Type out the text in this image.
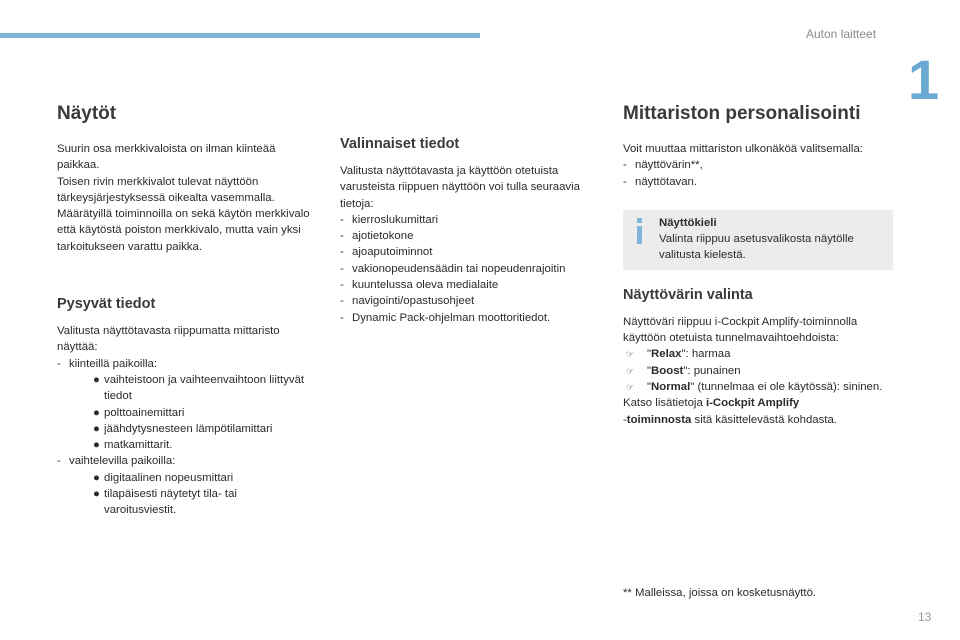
Auton laitteet
1
13
Näytöt

Suurin osa merkkivaloista on ilman kiinteää paikkaa.
Toisen rivin merkkivalot tulevat näyttöön tärkeysjärjestyksessä oikealta vasemmalla.
Määrätyillä toiminnoilla on sekä käytön merkkivalo että käytöstä poiston merkkivalo, mutta vain yksi tarkoitukseen varattu paikka.

Pysyvät tiedot

Valitusta näyttötavasta riippumatta mittaristo näyttää:

- kiinteillä paikoilla:
● vaihteistoon ja vaihteenvaihtoon liittyvät tiedot
● polttoainemittari
● jäähdytysnesteen lämpötilamittari
● matkamittarit.
- vaihtelevilla paikoilla:
● digitaalinen nopeusmittari
● tilapäisesti näytetyt tila- tai varoitusviestit.
Valinnaiset tiedot

Valitusta näyttötavasta ja käyttöön otetuista varusteista riippuen näyttöön voi tulla seuraavia tietoja:

- kierroslukumittari
- ajotietokone
- ajoaputoiminnot
- vakionopeudensäädin tai nopeudenrajoitin
- kuuntelussa oleva medialaite
- navigointi/opastusohjeet
- Dynamic Pack-ohjelman moottoritiedot.
Mittariston personalisointi

Voit muuttaa mittariston ulkonäköä valitsemalla:

- näyttövärin**,
- näyttötavan.
Näyttökieli
Valinta riippuu asetusvalikosta näytölle valitusta kielestä.
Näyttövärin valinta

Näyttöväri riippuu i-Cockpit Amplify-toiminnolla käyttöön otetuista tunnelmavaihtoehdoista:

☞ "Relax": harmaa
☞ "Boost": punainen
☞ "Normal" (tunnelmaa ei ole käytössä): sininen.

Katso lisätietoja i-Cockpit Amplify
-toiminnosta sitä käsittelevästä kohdasta.

** Malleissa, joissa on kosketusnäyttö.
